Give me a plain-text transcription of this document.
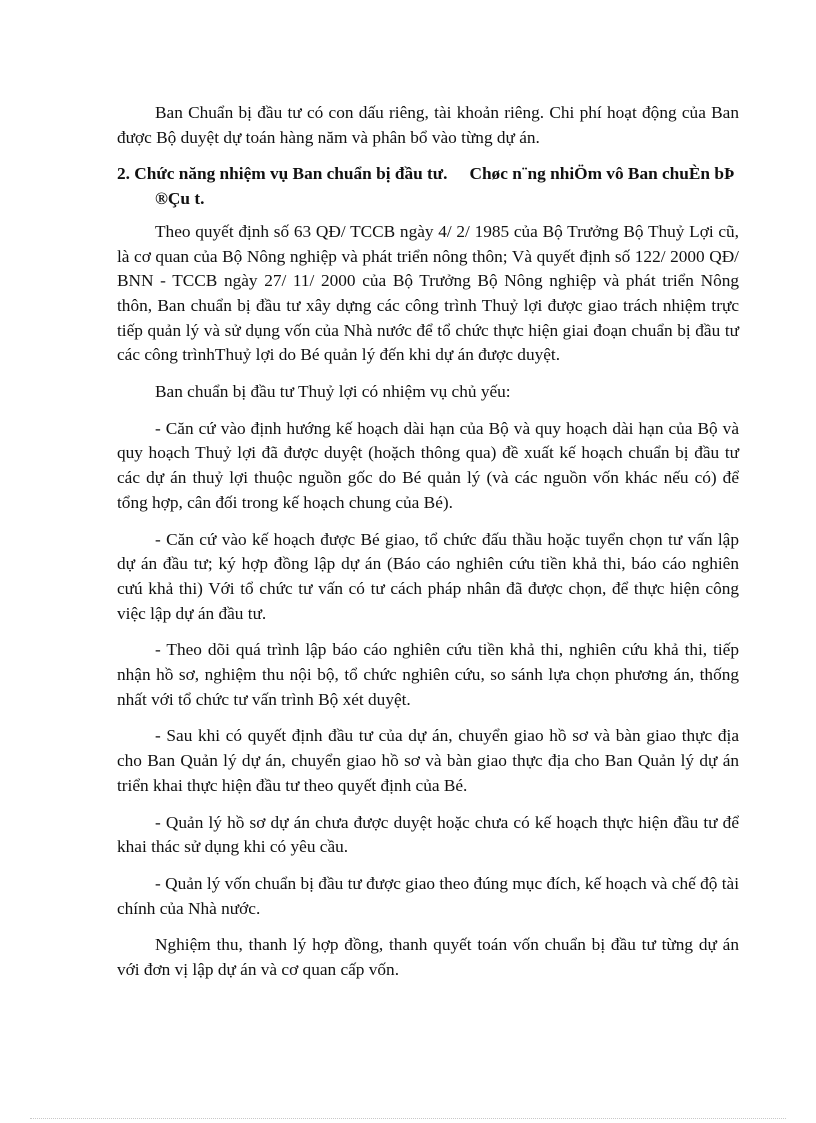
Ban Chuẩn bị đầu tư có con dấu riêng, tài khoản riêng. Chi phí hoạt động của Ban được Bộ duyệt dự toán hàng năm và phân bổ vào từng dự án.

2. Chức năng nhiệm vụ Ban chuẩn bị đầu tư. Chøc n¨ng nhiÖm vô Ban chuÈn bÞ ®Çu t.

Theo quyết định số 63 QĐ/ TCCB ngày 4/ 2/ 1985 của Bộ Trưởng Bộ Thuỷ Lợi cũ, là cơ quan của Bộ Nông nghiệp và phát triển nông thôn; Và quyết định số 122/ 2000 QĐ/ BNN - TCCB ngày 27/ 11/ 2000 của Bộ Trưởng Bộ Nông nghiệp và phát triển Nông thôn, Ban chuẩn bị đầu tư xây dựng các công trình Thuỷ lợi được giao trách nhiệm trực tiếp quản lý và sử dụng vốn của Nhà nước để tổ chức thực hiện giai đoạn chuẩn bị đầu tư các công trìnhThuỷ lợi do Bé quản lý đến khi dự án được duyệt.

Ban chuẩn bị đầu tư Thuỷ lợi có nhiệm vụ chủ yếu:

- Căn cứ vào định hướng kế hoạch dài hạn của Bộ và quy hoạch dài hạn của Bộ và quy hoạch Thuỷ lợi đã được duyệt (hoặch thông qua) đề xuất kế hoạch chuẩn bị đầu tư các dự án thuỷ lợi thuộc nguồn gốc do Bé quản lý (và các nguồn vốn khác nếu có) để tổng hợp, cân đối trong kế hoạch chung của Bé).

- Căn cứ vào kế hoạch được Bé giao, tổ chức đấu thầu hoặc tuyển chọn tư vấn lập dự án đầu tư; ký hợp đồng lập dự án (Báo cáo nghiên cứu tiền khả thi, báo cáo nghiên cưú khả thi) Với tổ chức tư vấn có tư cách pháp nhân đã được chọn, để thực hiện công việc lập dự án đầu tư.

- Theo dõi quá trình lập báo cáo nghiên cứu tiền khả thi, nghiên cứu khả thi, tiếp nhận hồ sơ, nghiệm thu nội bộ, tổ chức nghiên cứu, so sánh lựa chọn phương án, thống nhất với tổ chức tư vấn trình Bộ xét duyệt.

- Sau khi có quyết định đầu tư của dự án, chuyển giao hồ sơ và bàn giao thực địa cho Ban Quản lý dự án, chuyển giao hồ sơ và bàn giao thực địa cho Ban Quản lý dự án triển khai thực hiện đầu tư theo quyết định của Bé.

- Quản lý hồ sơ dự án chưa được duyệt hoặc chưa có kế hoạch thực hiện đầu tư để khai thác sử dụng khi có yêu cầu.

- Quản lý vốn chuẩn bị đầu tư được giao theo đúng mục đích, kế hoạch và chế độ tài chính của Nhà nước.

Nghiệm thu, thanh lý hợp đồng, thanh quyết toán vốn chuẩn bị đầu tư từng dự án với đơn vị lập dự án và cơ quan cấp vốn.
